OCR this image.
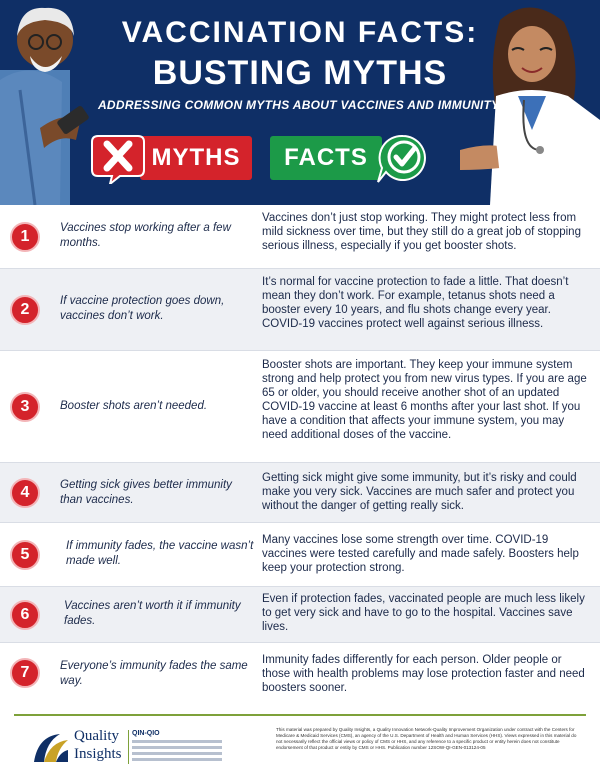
VACCINATION FACTS:
BUSTING MYTHS
ADDRESSING COMMON MYTHS ABOUT VACCINES AND IMMUNITY.
MYTHS	FACTS
1	Vaccines stop working after a few months.
Vaccines don’t just stop working. They might protect less from mild sickness over time, but they still do a great job of stopping serious illness, especially if you get booster shots.
2	If vaccine protection goes down, vaccines don’t work.
It’s normal for vaccine protection to fade a little. That doesn’t mean they don’t work. For example, tetanus shots need a booster every 10 years, and flu shots change every year. COVID-19 vaccines protect well against serious illness.
3	Booster shots aren’t needed.
Booster shots are important. They keep your immune system strong and help protect you from new virus types. If you are age 65 or older, you should receive another shot of an updated COVID-19 vaccine at least 6 months after your last shot. If you have a condition that affects your immune system, you may need additional doses of the vaccine.
4	Getting sick gives better immunity than vaccines.
Getting sick might give some immunity, but it’s risky and could make you very sick. Vaccines are much safer and protect you without the danger of getting really sick.
5	If immunity fades, the vaccine wasn’t made well.
Many vaccines lose some strength over time. COVID-19 vaccines were tested carefully and made safely. Boosters help keep your protection strong.
6	Vaccines aren’t worth it if immunity fades.
Even if protection fades, vaccinated people are much less likely to get very sick and have to go to the hospital. Vaccines save lives.
7	Everyone’s immunity fades the same way.
Immunity fades differently for each person. Older people or those with health problems may lose protection faster and need boosters sooner.
Quality
Insights
QIN-QIO
This material was prepared by Quality Insights, a Quality Innovation Network-Quality Improvement Organization under contract with the Centers for Medicare & Medicaid Services (CMS), an agency of the U.S. Department of Health and Human Services (HHS). Views expressed in this material do not necessarily reflect the official views or policy of CMS or HHS, and any reference to a specific product or entity herein does not constitute endorsement of that product or entity by CMS or HHS. Publication number 12SOW-QI-GEN-013124-05
